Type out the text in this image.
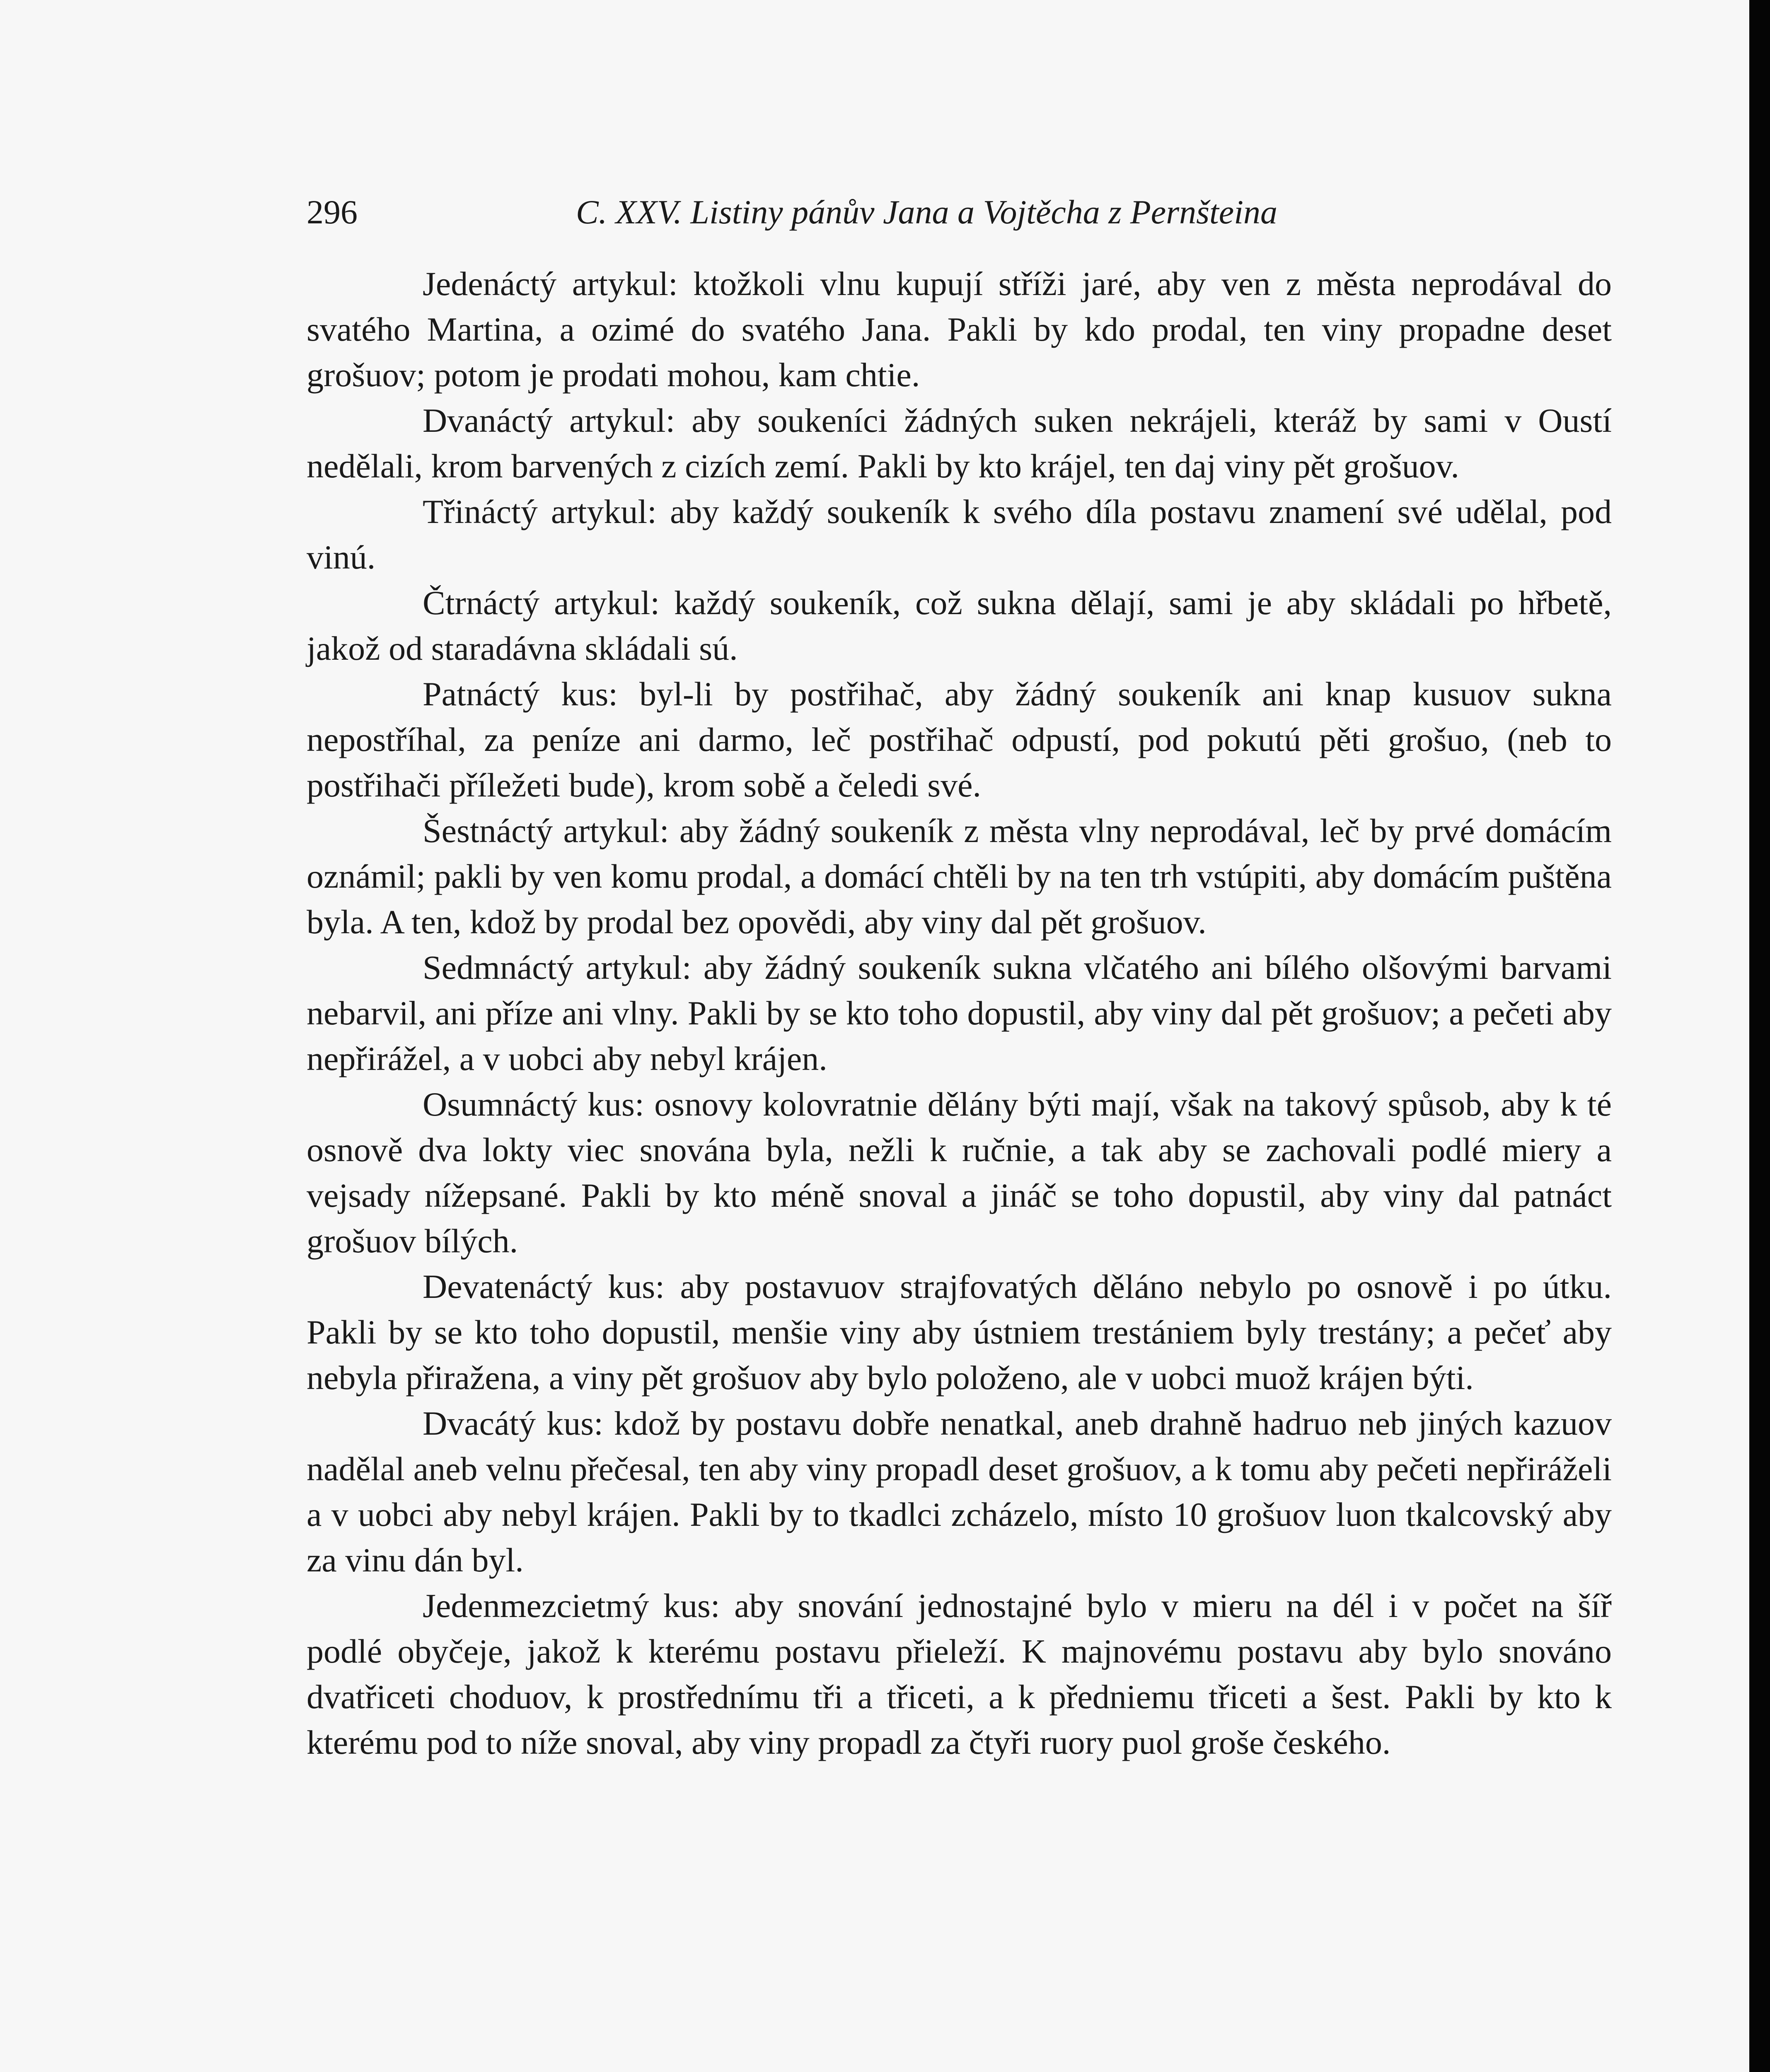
296	C. XXV. Listiny pánův Jana a Vojtěcha z Pernšteina

Jedenáctý artykul: ktožkoli vlnu kupují stříži jaré, aby ven z města neprodával do svatého Martina, a ozimé do svatého Jana. Pakli by kdo prodal, ten viny propadne deset grošuov; potom je prodati mohou, kam chtie.

Dvanáctý artykul: aby soukeníci žádných suken nekrájeli, kteráž by sami v Oustí nedělali, krom barvených z cizích zemí. Pakli by kto krájel, ten daj viny pět grošuov.

Třináctý artykul: aby každý soukeník k svého díla postavu znamení své udělal, pod vinú.

Čtrnáctý artykul: každý soukeník, což sukna dělají, sami je aby skládali po hřbetě, jakož od staradávna skládali sú.

Patnáctý kus: byl-li by postřihač, aby žádný soukeník ani knap kusuov sukna nepostříhal, za peníze ani darmo, leč postřihač odpustí, pod pokutú pěti grošuo, (neb to postřihači příležeti bude), krom sobě a čeledi své.

Šestnáctý artykul: aby žádný soukeník z města vlny neprodával, leč by prvé domácím oznámil; pakli by ven komu prodal, a domácí chtěli by na ten trh vstúpiti, aby domácím puštěna byla. A ten, kdož by prodal bez opovědi, aby viny dal pět grošuov.

Sedmnáctý artykul: aby žádný soukeník sukna vlčatého ani bílého olšovými barvami nebarvil, ani příze ani vlny. Pakli by se kto toho dopustil, aby viny dal pět grošuov; a pečeti aby nepřirážel, a v uobci aby nebyl krájen.

Osumnáctý kus: osnovy kolovratnie dělány býti mají, však na takový spůsob, aby k té osnově dva lokty viec snována byla, nežli k ručnie, a tak aby se zachovali podlé miery a vejsady nížepsané. Pakli by kto méně snoval a jináč se toho dopustil, aby viny dal patnáct grošuov bílých.

Devatenáctý kus: aby postavuov strajfovatých děláno nebylo po osnově i po útku. Pakli by se kto toho dopustil, menšie viny aby ústniem trestániem byly trestány; a pečeť aby nebyla přiražena, a viny pět grošuov aby bylo položeno, ale v uobci muož krájen býti.

Dvacátý kus: kdož by postavu dobře nenatkal, aneb drahně hadruo neb jiných kazuov nadělal aneb velnu přečesal, ten aby viny propadl deset grošuov, a k tomu aby pečeti nepřiráželi a v uobci aby nebyl krájen. Pakli by to tkadlci zcházelo, místo 10 grošuov luon tkalcovský aby za vinu dán byl.

Jedenmezcietmý kus: aby snování jednostajné bylo v mieru na dél i v počet na šíř podlé obyčeje, jakož k kterému postavu přieleží. K majnovému postavu aby bylo snováno dvatřiceti choduov, k prostřednímu tři a třiceti, a k předniemu třiceti a šest. Pakli by kto k kterému pod to níže snoval, aby viny propadl za čtyři ruory puol groše českého.
